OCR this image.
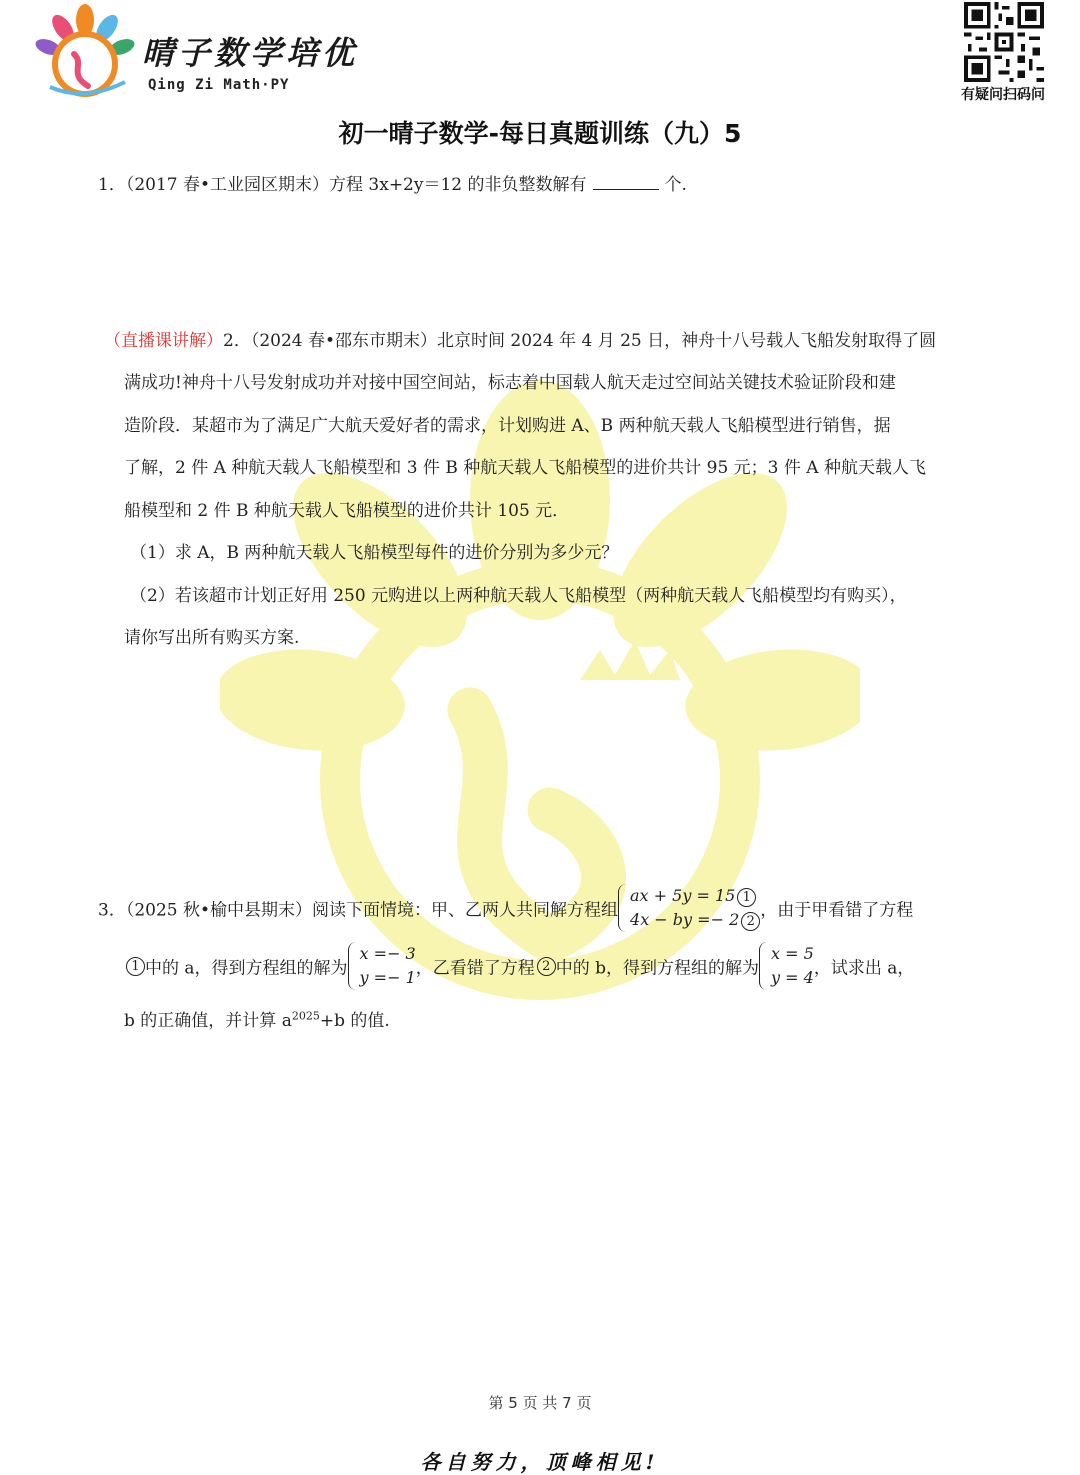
晴子数学培优
Qing Zi Math·PY
有疑问扫码问
初一晴子数学-每日真题训练（九）5
1．（2017 春•工业园区期末）方程 3x+2y＝12 的非负整数解有	个.
（直播课讲解）2．（2024 春•邵东市期末）北京时间 2024 年 4 月 25 日，神舟十八号载人飞船发射取得了圆
满成功!神舟十八号发射成功并对接中国空间站，标志着中国载人航天走过空间站关键技术验证阶段和建
造阶段．某超市为了满足广大航天爱好者的需求，计划购进 A、B 两种航天载人飞船模型进行销售，据
了解，2 件 A 种航天载人飞船模型和 3 件 B 种航天载人飞船模型的进价共计 95 元；3 件 A 种航天载人飞
船模型和 2 件 B 种航天载人飞船模型的进价共计 105 元．
（1）求 A，B 两种航天载人飞船模型每件的进价分别为多少元？
（2）若该超市计划正好用 250 元购进以上两种航天载人飞船模型（两种航天载人飞船模型均有购买），
请你写出所有购买方案.
3．（2025 秋•榆中县期末）阅读下面情境：甲、乙两人共同解方程组
ax + 5y = 15 1
4x − by =− 2 2，由于甲看错了方程
1 中的 a，得到方程组的解为
x =− 3
y =− 1，乙看错了方程 2 中的 b，得到方程组的解为
x = 5
y = 4，试求出 a，
b 的正确值，并计算 $a^{2025}+b$ 的值.
第 5 页 共 7 页
各自努力，顶峰相见!
